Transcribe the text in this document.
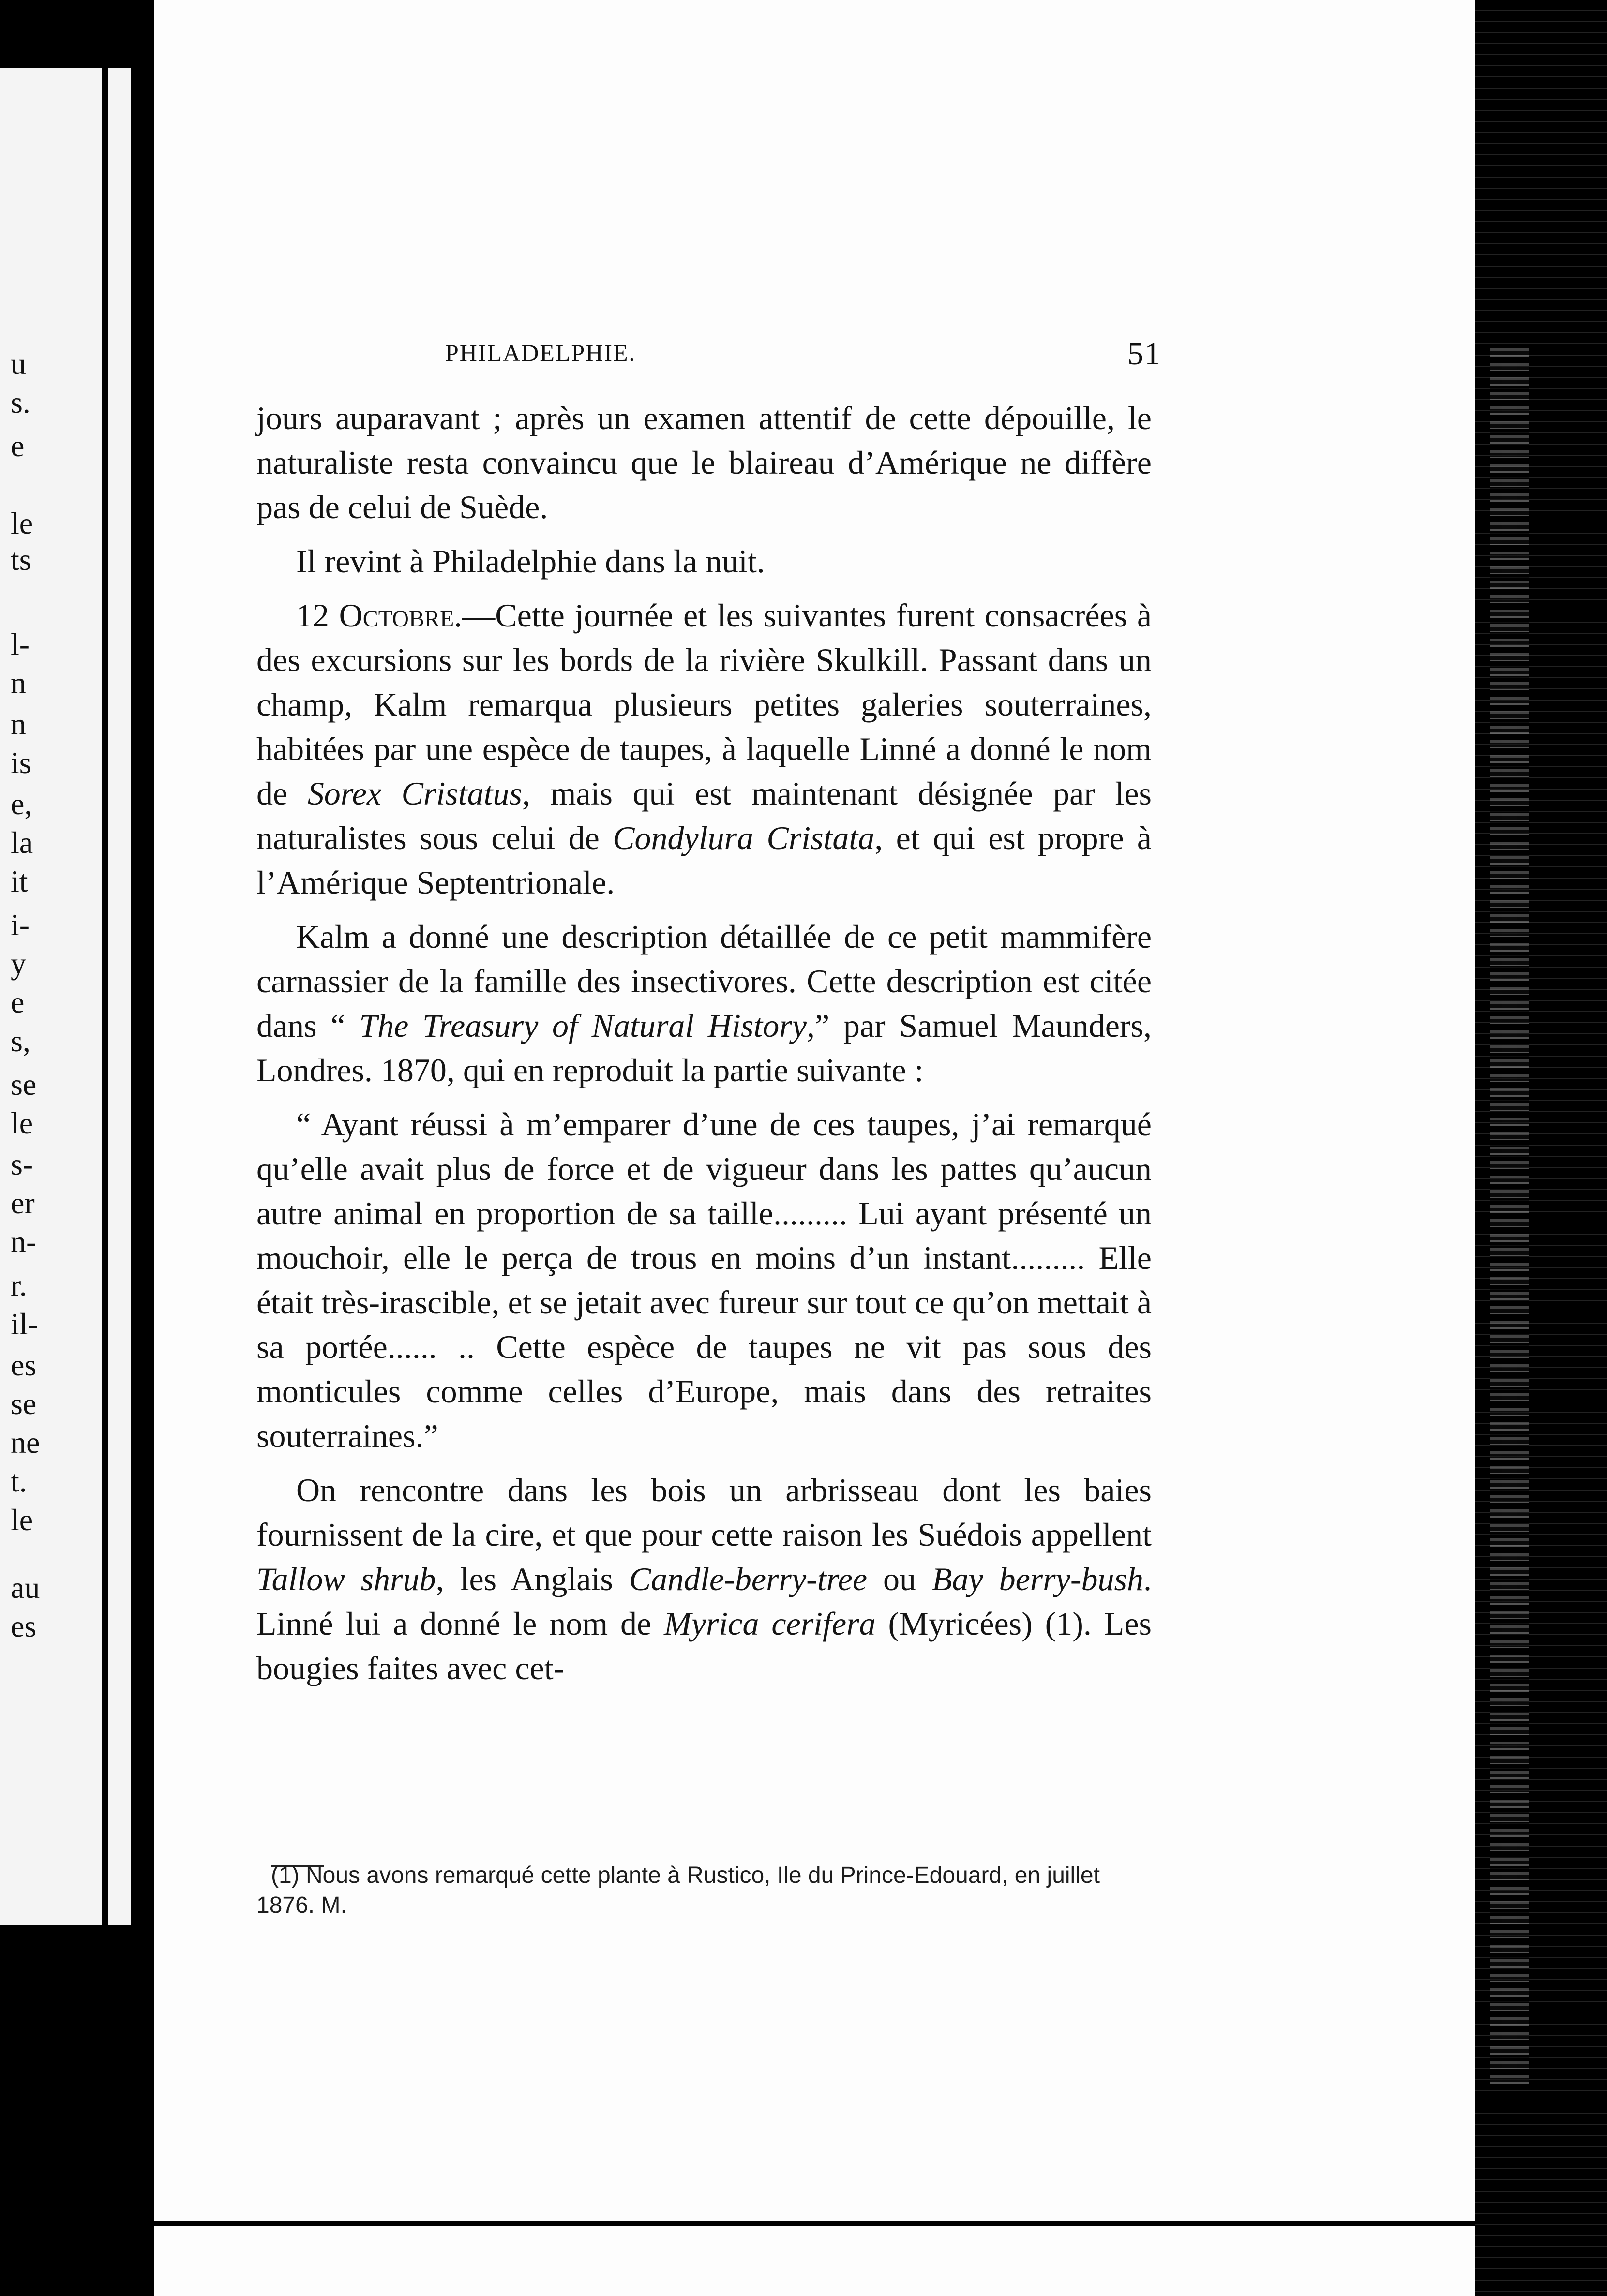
u
s.
e
le
ts
l-
n
n
is
e,
la
it
i-
y
e
s,
se
le
s-
er
n-
r.
il-
es
se
ne
t.
le
au
es
PHILADELPHIE.	51

jours auparavant ; après un examen attentif de cette dépouille, le naturaliste resta convaincu que le blaireau d’Amérique ne diffère pas de celui de Suède.

Il revint à Philadelphie dans la nuit.

12 Octobre.—Cette journée et les suivantes furent consacrées à des excursions sur les bords de la rivière Skulkill. Passant dans un champ, Kalm remarqua plusieurs petites galeries souterraines, habitées par une espèce de taupes, à laquelle Linné a donné le nom de Sorex Cristatus, mais qui est maintenant désignée par les naturalistes sous celui de Condylura Cristata, et qui est propre à l’Amérique Septentrionale.

Kalm a donné une description détaillée de ce petit mammifère carnassier de la famille des insectivores. Cette description est citée dans “ The Treasury of Natural History,” par Samuel Maunders, Londres. 1870, qui en reproduit la partie suivante :

“ Ayant réussi à m’emparer d’une de ces taupes, j’ai remarqué qu’elle avait plus de force et de vigueur dans les pattes qu’aucun autre animal en proportion de sa taille......... Lui ayant présenté un mouchoir, elle le perça de trous en moins d’un instant......... Elle était très-irascible, et se jetait avec fureur sur tout ce qu’on mettait à sa portée...... .. Cette espèce de taupes ne vit pas sous des monticules comme celles d’Europe, mais dans des retraites souterraines.”

On rencontre dans les bois un arbrisseau dont les baies fournissent de la cire, et que pour cette raison les Suédois appellent Tallow shrub, les Anglais Candle-berry-tree ou Bay berry-bush. Linné lui a donné le nom de Myrica cerifera (Myricées) (1). Les bougies faites avec cet-

(1) Nous avons remarqué cette plante à Rustico, Ile du Prince-Edouard, en juillet 1876. M.
